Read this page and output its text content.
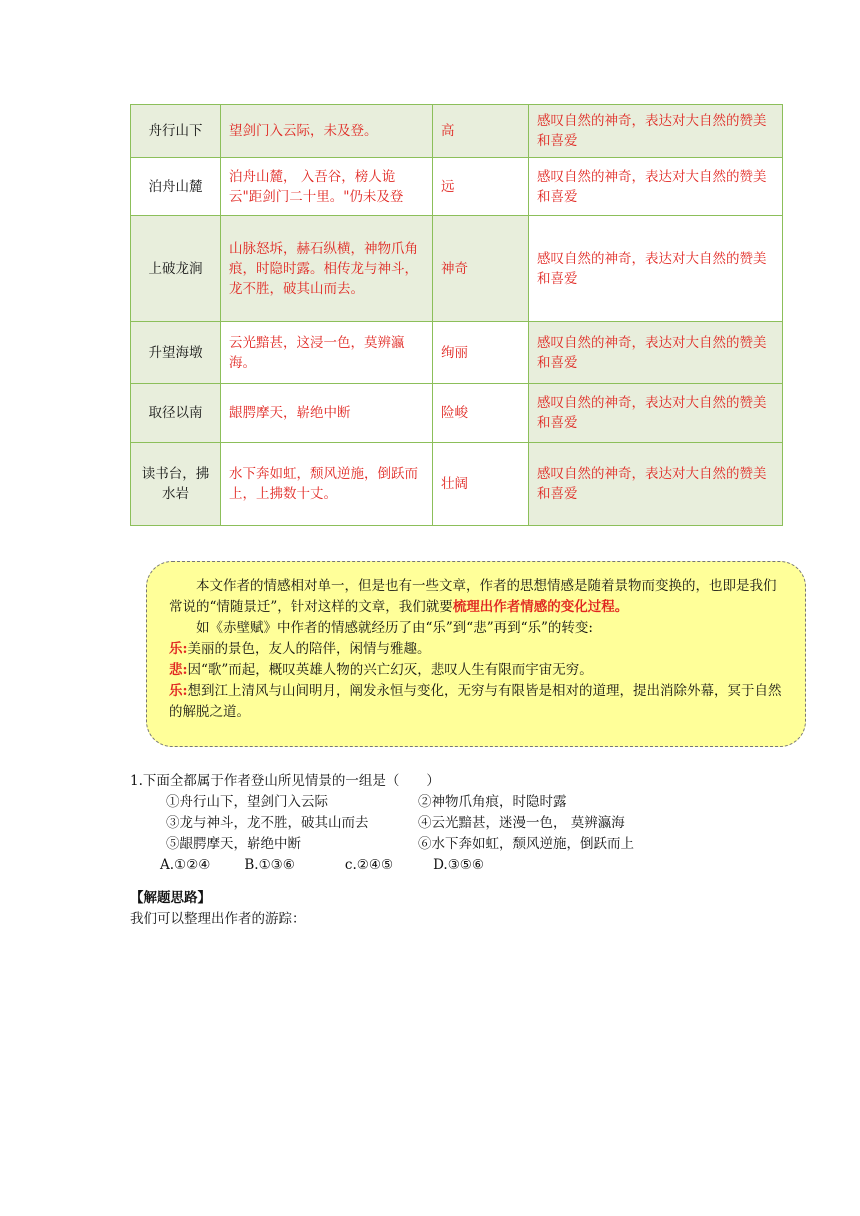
舟行山下	望剑门入云际，未及登。	高	感叹自然的神奇，表达对大自然的赞美和喜爱
泊舟山麓	泊舟山麓， 入吾谷，榜人诡云"距剑门二十里。"仍未及登	远	感叹自然的神奇，表达对大自然的赞美和喜爱
上破龙涧	山脉怒坼，赫石纵横，神物爪角痕，时隐时露。相传龙与神斗，龙不胜，破其山而去。	神奇	感叹自然的神奇，表达对大自然的赞美和喜爱
升望海墩	云光黯甚，这浸一色，莫辨瀛海。	绚丽	感叹自然的神奇，表达对大自然的赞美和喜爱
取径以南	龈腭摩天，崭绝中断	险峻	感叹自然的神奇，表达对大自然的赞美和喜爱
读书台，拂水岩	水下奔如虹，颓风逆施，倒跃而上，上拂数十丈。	壮阔	感叹自然的神奇，表达对大自然的赞美和喜爱

本文作者的情感相对单一，但是也有一些文章，作者的思想情感是随着景物而变换的，也即是我们常说的“情随景迁”，针对这样的文章，我们就要梳理出作者情感的变化过程。

如《赤壁赋》中作者的情感就经历了由“乐”到“悲”再到“乐”的转变:

乐:美丽的景色，友人的陪伴，闲情与雅趣。

悲:因“歌”而起，概叹英雄人物的兴亡幻灭，悲叹人生有限而宇宙无穷。

乐:想到江上清风与山间明月，阐发永恒与变化，无穷与有限皆是相对的道理，提出消除外幕，冥于自然的解脱之道。

1.下面全都属于作者登山所见情景的一组是（　　）

①舟行山下，望剑门入云际	②神物爪角痕，时隐时露
③龙与神斗，龙不胜，破其山而去	④云光黯甚，迷漫一色， 莫辨瀛海
⑤龈腭摩天，崭绝中断	⑥水下奔如虹，颓风逆施，倒跃而上
A.①②④	B.①③⑥	c.②④⑤	D.③⑤⑥

【解题思路】

我们可以整理出作者的游踪：
